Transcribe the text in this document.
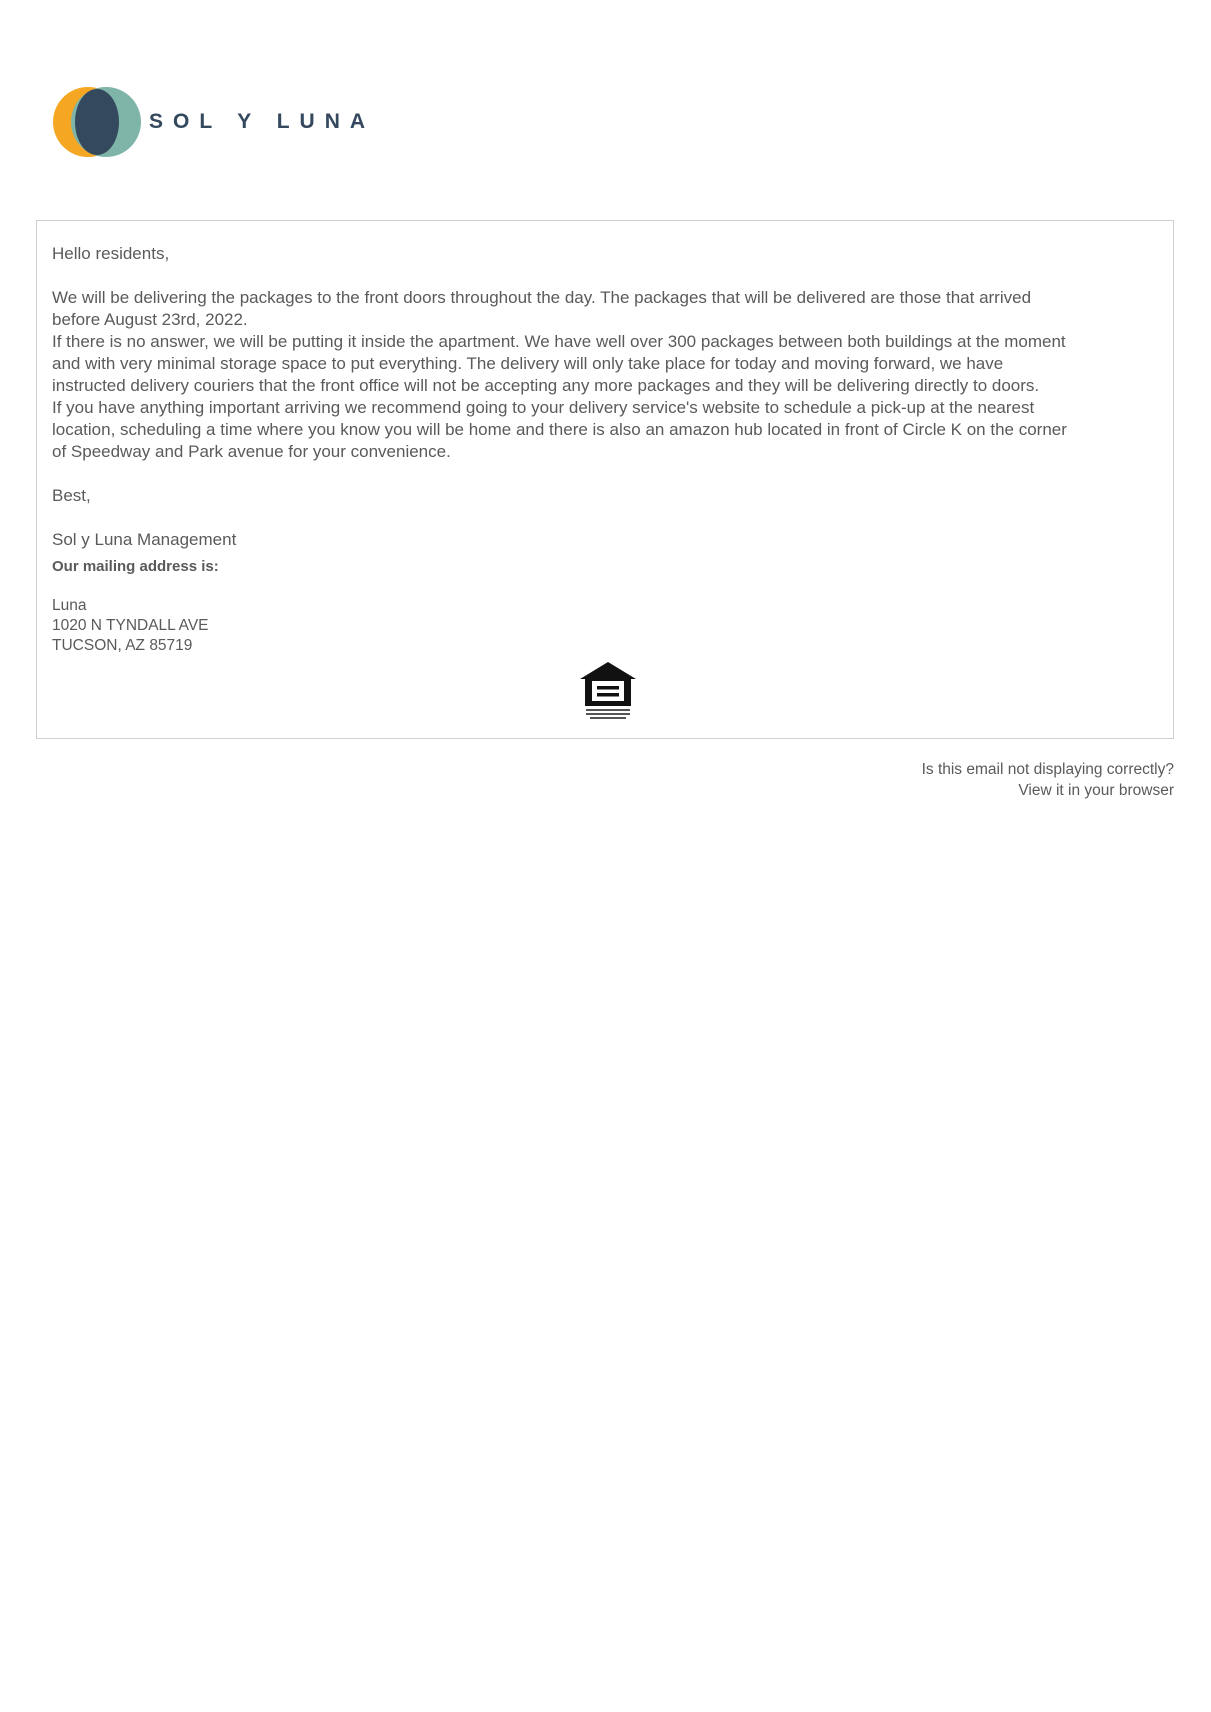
SOL Y LUNA

Hello residents,

We will be delivering the packages to the front doors throughout the day. The packages that will be delivered are those that arrived

before August 23rd, 2022.

If there is no answer, we will be putting it inside the apartment. We have well over 300 packages between both buildings at the moment

and with very minimal storage space to put everything. The delivery will only take place for today and moving forward, we have

instructed delivery couriers that the front office will not be accepting any more packages and they will be delivering directly to doors.

If you have anything important arriving we recommend going to your delivery service's website to schedule a pick-up at the nearest

location, scheduling a time where you know you will be home and there is also an amazon hub located in front of Circle K on the corner

of Speedway and Park avenue for your convenience.

Best,

Sol y Luna Management

Our mailing address is:
Luna
1020 N TYNDALL AVE
TUCSON, AZ 85719
Is this email not displaying correctly?
View it in your browser
